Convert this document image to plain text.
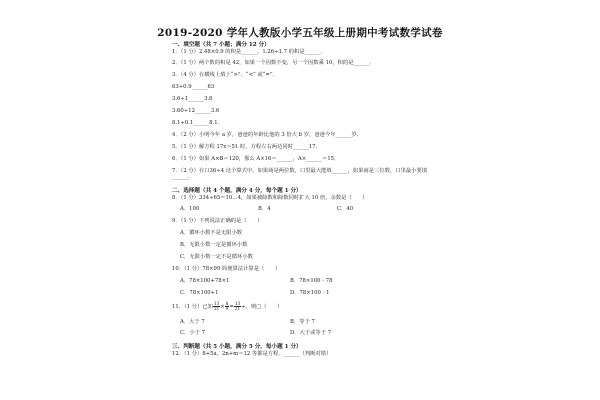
2019-2020 学年人教版小学五年级上册期中考试数学试卷
一、填空题（共 7 小题；满分 12 分）
1．（1 分）2.48×0.9 的积是______，1.26÷1.7 的积是______．
2．（1 分）两个数的积是 42，如果一个因数不变，另一个因数乘 10，积的是______．
3．（4 分）在横线上填上“>”、“<” 或“=”．
63÷0.9______63
3.6÷1______3.6
3.60÷12______3.6
8.1÷0.1______8.1．
4．（2 分）小明今年 a 岁，爸爸的年龄比他的 3 倍大 b 岁，爸爸今年______岁．
5．（1 分）解方程 17x＝51 时，方程左右两边同时______17．
6．（1 分）如果 A×B＝120，那么 A×16＝______，A×______＝15．
7．（2 分）在口36÷4 这个算式中，如果商是两位数，口里最大能填______，如果商是三位数，口里最小要填______．
二、选择题（共 4 个题，满分 4 分，每个题 1 分）
8．（1 分）334÷65＝10…4，如果被除数和除数同时扩大 10 倍，余数是（　　）
A．100	B．4	C．40
9．（1 分）下列说法正确的是（　　）
A．循环小数不是无限小数
B．无限小数一定是循环小数
C．无限小数一定不是循环小数
10．（1 分）78×99 简便算法计算是（　　）
A．78×100+78×1	B．78×100﹣78
C．78×100+1	D．78×100﹣1
11．（1 分）已知 $\frac{13}{21} \times \frac{8}{9} = \frac{13}{21}$ ÷，则□（　　）
A．大于 7	B．等于 7
C．小于 7	D．大于或等于 7
三、判断题（共 5 小题，满分 5 分，每小题 1 分）
12．（1 分）8+5a，2n+m＝12 等都是方程．______（判断对错）
